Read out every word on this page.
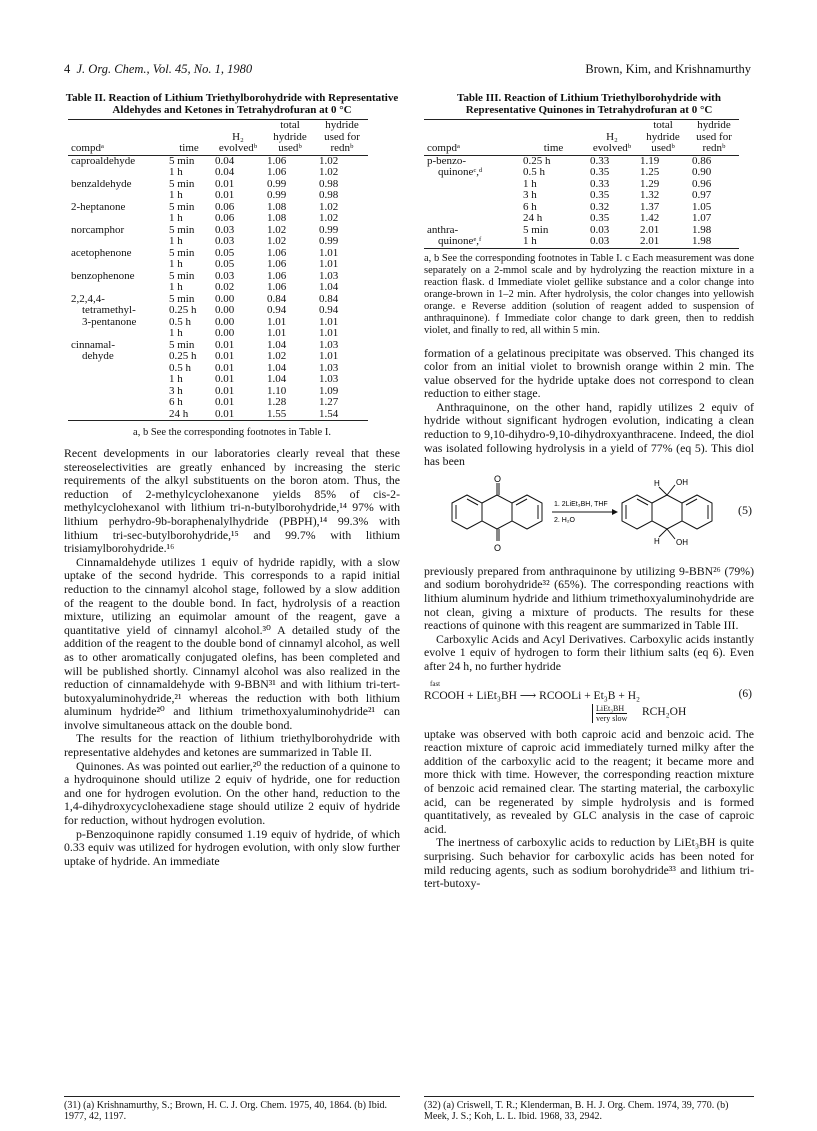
4 J. Org. Chem., Vol. 45, No. 1, 1980	Brown, Kim, and Krishnamurthy
Table II. Reaction of Lithium Triethylborohydride with Representative Aldehydes and Ketones in Tetrahydrofuran at 0 °C
compdᵃ	time	H₂ evolvedᵇ	total hydride usedᵇ	hydride used for rednᵇ
caproaldehyde	5 min	0.04	1.06	1.02
	1 h	0.04	1.06	1.02
benzaldehyde	5 min	0.01	0.99	0.98
	1 h	0.01	0.99	0.98
2-heptanone	5 min	0.06	1.08	1.02
	1 h	0.06	1.08	1.02
norcamphor	5 min	0.03	1.02	0.99
	1 h	0.03	1.02	0.99
acetophenone	5 min	0.05	1.06	1.01
	1 h	0.05	1.06	1.01
benzophenone	5 min	0.03	1.06	1.03
	1 h	0.02	1.06	1.04
2,2,4,4-	5 min	0.00	0.84	0.84
tetramethyl-	0.25 h	0.00	0.94	0.94
3-pentanone	0.5 h	0.00	1.01	1.01
	1 h	0.00	1.01	1.01
cinnamal-	5 min	0.01	1.04	1.03
dehyde	0.25 h	0.01	1.02	1.01
	0.5 h	0.01	1.04	1.03
	1 h	0.01	1.04	1.03
	3 h	0.01	1.10	1.09
	6 h	0.01	1.28	1.27
	24 h	0.01	1.55	1.54
a, b See the corresponding footnotes in Table I.

Recent developments in our laboratories clearly reveal that these stereoselectivities are greatly enhanced by increasing the steric requirements of the alkyl substituents on the boron atom. Thus, the reduction of 2-methylcyclohexanone yields 85% of cis-2-methylcyclohexanol with lithium tri-n-butylborohydride,¹⁴ 97% with lithium perhydro-9b-boraphenalylhydride (PBPH),¹⁴ 99.3% with lithium tri-sec-butylborohydride,¹⁵ and 99.7% with lithium trisiamylborohydride.¹⁶

Cinnamaldehyde utilizes 1 equiv of hydride rapidly, with a slow uptake of the second hydride. This corresponds to a rapid initial reduction to the cinnamyl alcohol stage, followed by a slow addition of the reagent to the double bond. In fact, hydrolysis of a reaction mixture, utilizing an equimolar amount of the reagent, gave a quantitative yield of cinnamyl alcohol.³⁰ A detailed study of the addition of the reagent to the double bond of cinnamyl alcohol, as well as to other aromatically conjugated olefins, has been completed and will be published shortly. Cinnamyl alcohol was also realized in the reduction of cinnamaldehyde with 9-BBN³¹ and with lithium tri-tert-butoxyaluminohydride,²¹ whereas the reduction with both lithium aluminum hydride²⁰ and lithium trimethoxyaluminohydride²¹ can involve simultaneous attack on the double bond.

The results for the reaction of lithium triethylborohydride with representative aldehydes and ketones are summarized in Table II.

Quinones. As was pointed out earlier,²⁰ the reduction of a quinone to a hydroquinone should utilize 2 equiv of hydride, one for reduction and one for hydrogen evolution. On the other hand, reduction to the 1,4-dihydroxycyclohexadiene stage should utilize 2 equiv of hydride for reduction, without hydrogen evolution.

p-Benzoquinone rapidly consumed 1.19 equiv of hydride, of which 0.33 equiv was utilized for hydrogen evolution, with only slow further uptake of hydride. An immediate

Table III. Reaction of Lithium Triethylborohydride with Representative Quinones in Tetrahydrofuran at 0 °C
compdᵃ	time	H₂ evolvedᵇ	total hydride usedᵇ	hydride used for rednᵇ
p-benzo-	0.25 h	0.33	1.19	0.86
quinoneᶜ,ᵈ	0.5 h	0.35	1.25	0.90
	1 h	0.33	1.29	0.96
	3 h	0.35	1.32	0.97
	6 h	0.32	1.37	1.05
	24 h	0.35	1.42	1.07
anthra-	5 min	0.03	2.01	1.98
quinoneᵉ,ᶠ	1 h	0.03	2.01	1.98
a, b See the corresponding footnotes in Table I. c Each measurement was done separately on a 2-mmol scale and by hydrolyzing the reaction mixture in a reaction flask. d Immediate violet gellike substance and a color change into orange-brown in 1–2 min. After hydrolysis, the color changes into yellowish orange. e Reverse addition (solution of reagent added to suspension of anthraquinone). f Immediate color change to dark green, then to reddish violet, and finally to red, all within 5 min.

formation of a gelatinous precipitate was observed. This changed its color from an initial violet to brownish orange within 2 min. The value observed for the hydride uptake does not correspond to clean reduction to either stage.

Anthraquinone, on the other hand, rapidly utilizes 2 equiv of hydride without significant hydrogen evolution, indicating a clean reduction to 9,10-dihydro-9,10-dihydroxyanthracene. Indeed, the diol was isolated following hydrolysis in a yield of 77% (eq 5). This diol has been

O
O
1. 2LiEt₃BH, THF
2. H₂O
H OH
H OH
(5)

previously prepared from anthraquinone by utilizing 9-BBN²⁶ (79%) and sodium borohydride³² (65%). The corresponding reactions with lithium aluminum hydride and lithium trimethoxyaluminohydride are not clean, giving a mixture of products. The results for these reactions of quinone with this reagent are summarized in Table III.

Carboxylic Acids and Acyl Derivatives. Carboxylic acids instantly evolve 1 equiv of hydrogen to form their lithium salts (eq 6). Even after 24 h, no further hydride

fast
RCOOH + LiEt₃BH ⟶ RCOOLi + Et₃B + H₂	(6)
LiEt₃BH
very slow
RCH₂OH

uptake was observed with both caproic acid and benzoic acid. The reaction mixture of caproic acid immediately turned milky after the addition of the carboxylic acid to the reagent; it became more and more thick with time. However, the corresponding reaction mixture of benzoic acid remained clear. The starting material, the carboxylic acid, can be regenerated by simple hydrolysis and is formed quantitatively, as revealed by GLC analysis in the case of caproic acid.

The inertness of carboxylic acids to reduction by LiEt₃BH is quite surprising. Such behavior for carboxylic acids has been noted for mild reducing agents, such as sodium borohydride³³ and lithium tri-tert-butoxy-

(31) (a) Krishnamurthy, S.; Brown, H. C. J. Org. Chem. 1975, 40, 1864. (b) Ibid. 1977, 42, 1197.
(32) (a) Criswell, T. R.; Klenderman, B. H. J. Org. Chem. 1974, 39, 770. (b) Meek, J. S.; Koh, L. L. Ibid. 1968, 33, 2942.
